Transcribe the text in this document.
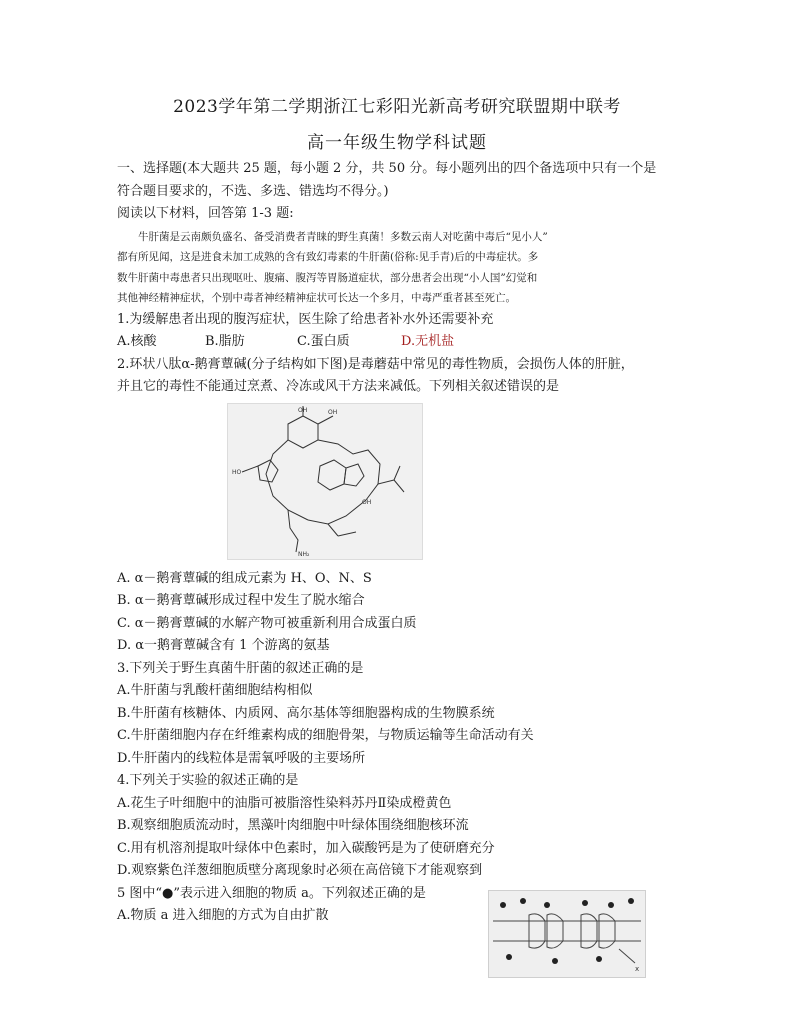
2023学年第二学期浙江七彩阳光新高考研究联盟期中联考
高一年级生物学科试题
一、选择题(本大题共 25 题，每小题 2 分，共 50 分。每小题列出的四个备选项中只有一个是
符合题目要求的，不选、多选、错选均不得分。)
阅读以下材料，回答第 1-3 题:
牛肝菌是云南颇负盛名、备受消费者青睐的野生真菌！多数云南人对吃菌中毒后“见小人”
都有所见闻，这是进食未加工成熟的含有致幻毒素的牛肝菌(俗称:见手青)后的中毒症状。多
数牛肝菌中毒患者只出现呕吐、腹痛、腹泻等胃肠道症状，部分患者会出现“小人国”幻觉和
其他神经精神症状，个别中毒者神经精神症状可长达一个多月，中毒严重者甚至死亡。
1.为缓解患者出现的腹泻症状，医生除了给患者补水外还需要补充
A.核酸	B.脂肪	C.蛋白质	D.无机盐
2.环状八肽α-鹅膏蕈碱(分子结构如下图)是毒蘑菇中常见的毒性物质，会损伤人体的肝脏，
并且它的毒性不能通过烹煮、冷冻或风干方法来减低。下列相关叙述错误的是
HO
NH₂
OH
OH
OH
A. α－鹅膏蕈碱的组成元素为 H、O、N、S
B. α－鹅膏蕈碱形成过程中发生了脱水缩合
C. α－鹅膏蕈碱的水解产物可被重新利用合成蛋白质
D. α一鹅膏蕈碱含有 1 个游离的氨基
3.下列关于野生真菌牛肝菌的叙述正确的是
A.牛肝菌与乳酸杆菌细胞结构相似
B.牛肝菌有核糖体、内质网、高尔基体等细胞器构成的生物膜系统
C.牛肝菌细胞内存在纤维素构成的细胞骨架，与物质运输等生命活动有关
D.牛肝菌内的线粒体是需氧呼吸的主要场所
4.下列关于实验的叙述正确的是
A.花生子叶细胞中的油脂可被脂溶性染料苏丹Ⅱ染成橙黄色
B.观察细胞质流动时，黑藻叶肉细胞中叶绿体围绕细胞核环流
C.用有机溶剂提取叶绿体中色素时，加入碳酸钙是为了使研磨充分
D.观察紫色洋葱细胞质壁分离现象时必须在高倍镜下才能观察到
5 图中“●”表示进入细胞的物质 a。下列叙述正确的是
A.物质 a 进入细胞的方式为自由扩散
x
